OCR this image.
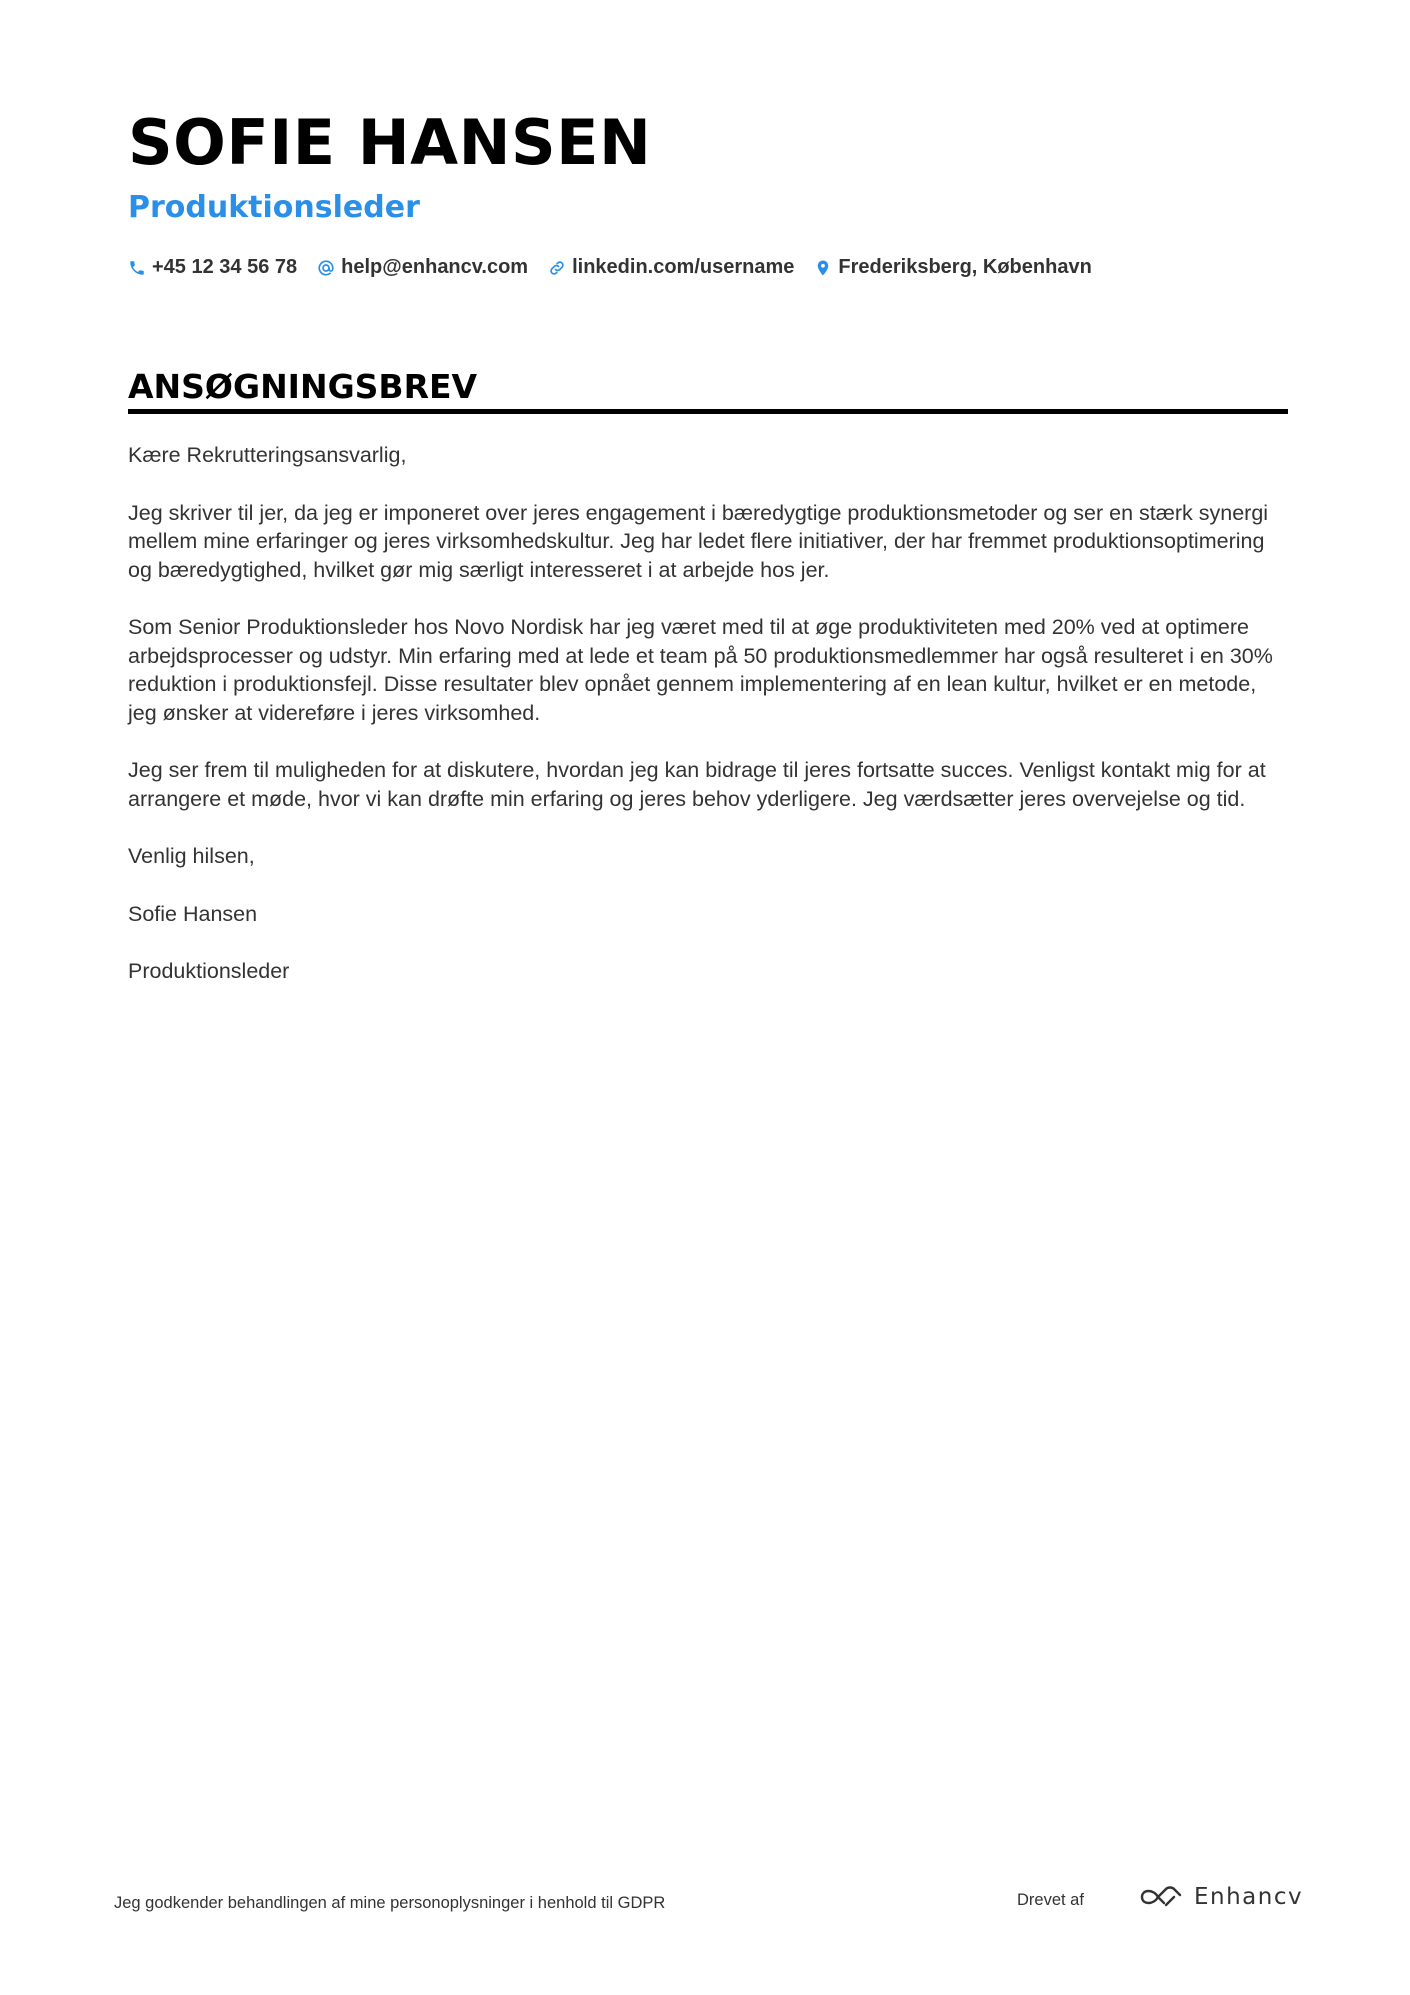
SOFIE HANSEN
Produktionsleder
+45 12 34 56 78 help@enhancv.com linkedin.com/username Frederiksberg, København
ANSØGNINGSBREV

Kære Rekrutteringsansvarlig,

Jeg skriver til jer, da jeg er imponeret over jeres engagement i bæredygtige produktionsmetoder og ser en stærk synergi mellem mine erfaringer og jeres virksomhedskultur. Jeg har ledet flere initiativer, der har fremmet produktionsoptimering og bæredygtighed, hvilket gør mig særligt interesseret i at arbejde hos jer.

Som Senior Produktionsleder hos Novo Nordisk har jeg været med til at øge produktiviteten med 20% ved at optimere arbejdsprocesser og udstyr. Min erfaring med at lede et team på 50 produktionsmedlemmer har også resulteret i en 30% reduktion i produktionsfejl. Disse resultater blev opnået gennem implementering af en lean kultur, hvilket er en metode, jeg ønsker at videreføre i jeres virksomhed.

Jeg ser frem til muligheden for at diskutere, hvordan jeg kan bidrage til jeres fortsatte succes. Venligst kontakt mig for at arrangere et møde, hvor vi kan drøfte min erfaring og jeres behov yderligere. Jeg værdsætter jeres overvejelse og tid.

Venlig hilsen,

Sofie Hansen

Produktionsleder

Jeg godkender behandlingen af mine personoplysninger i henhold til GDPR	Drevet af	Enhancv
